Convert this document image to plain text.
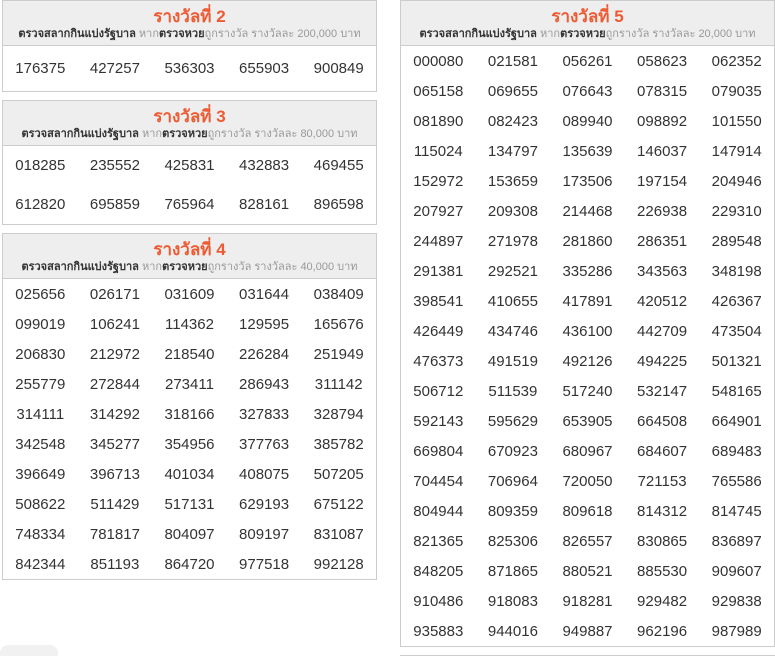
รางวัลที่ 2

ตรวจสลากกินแบ่งรัฐบาล หากตรวจหวยถูกรางวัล รางวัลละ 200,000 บาท

176375	427257	536303	655903	900849
รางวัลที่ 3

ตรวจสลากกินแบ่งรัฐบาล หากตรวจหวยถูกรางวัล รางวัลละ 80,000 บาท

018285	235552	425831	432883	469455
612820	695859	765964	828161	896598
รางวัลที่ 4

ตรวจสลากกินแบ่งรัฐบาล หากตรวจหวยถูกรางวัล รางวัลละ 40,000 บาท

025656	026171	031609	031644	038409
099019	106241	114362	129595	165676
206830	212972	218540	226284	251949
255779	272844	273411	286943	311142
314111	314292	318166	327833	328794
342548	345277	354956	377763	385782
396649	396713	401034	408075	507205
508622	511429	517131	629193	675122
748334	781817	804097	809197	831087
842344	851193	864720	977518	992128
รางวัลที่ 5

ตรวจสลากกินแบ่งรัฐบาล หากตรวจหวยถูกรางวัล รางวัลละ 20,000 บาท

000080	021581	056261	058623	062352
065158	069655	076643	078315	079035
081890	082423	089940	098892	101550
115024	134797	135639	146037	147914
152972	153659	173506	197154	204946
207927	209308	214468	226938	229310
244897	271978	281860	286351	289548
291381	292521	335286	343563	348198
398541	410655	417891	420512	426367
426449	434746	436100	442709	473504
476373	491519	492126	494225	501321
506712	511539	517240	532147	548165
592143	595629	653905	664508	664901
669804	670923	680967	684607	689483
704454	706964	720050	721153	765586
804944	809359	809618	814312	814745
821365	825306	826557	830865	836897
848205	871865	880521	885530	909607
910486	918083	918281	929482	929838
935883	944016	949887	962196	987989
